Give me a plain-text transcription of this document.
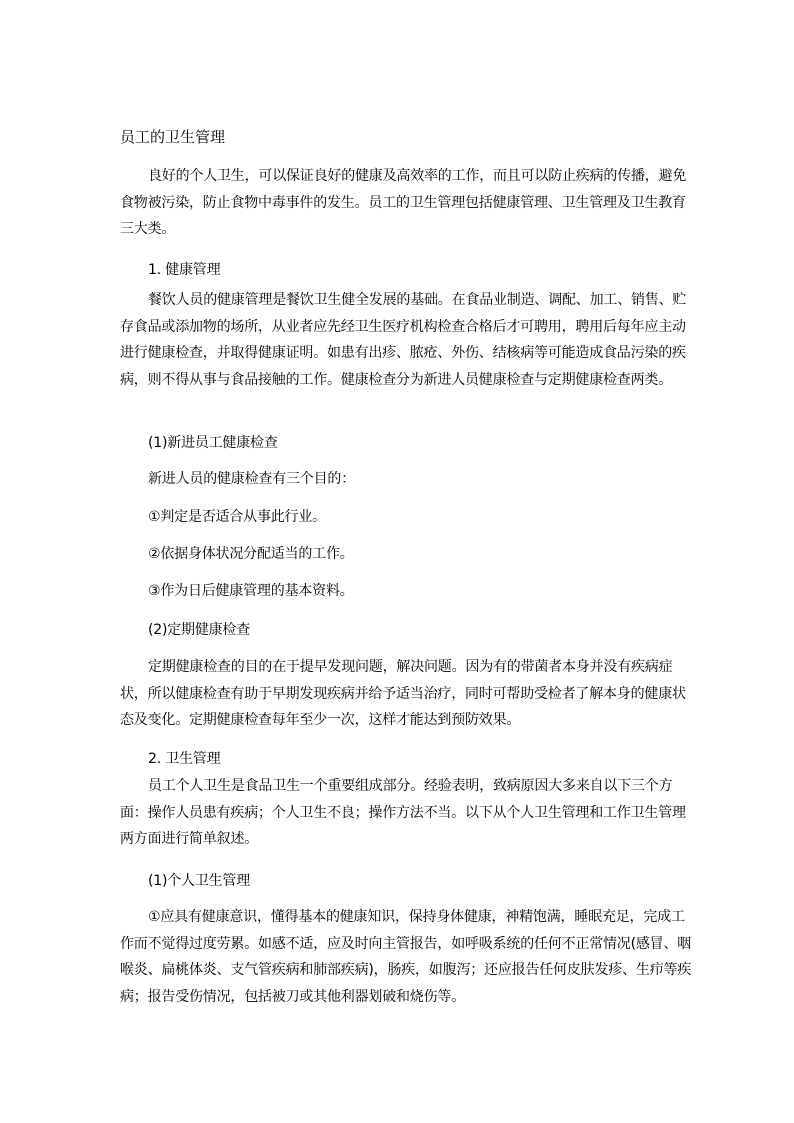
员工的卫生管理

良好的个人卫生，可以保证良好的健康及高效率的工作，而且可以防止疾病的传播，避免食物被污染，防止食物中毒事件的发生。员工的卫生管理包括健康管理、卫生管理及卫生教育三大类。

1. 健康管理

餐饮人员的健康管理是餐饮卫生健全发展的基础。在食品业制造、调配、加工、销售、贮存食品或添加物的场所，从业者应先经卫生医疗机构检查合格后才可聘用，聘用后每年应主动进行健康检查，并取得健康证明。如患有出疹、脓疮、外伤、结核病等可能造成食品污染的疾病，则不得从事与食品接触的工作。健康检查分为新进人员健康检查与定期健康检查两类。

(1)新进员工健康检查

新进人员的健康检查有三个目的：

①判定是否适合从事此行业。

②依据身体状况分配适当的工作。

③作为日后健康管理的基本资料。

(2)定期健康检查

定期健康检查的目的在于提早发现问题，解决问题。因为有的带菌者本身并没有疾病症状，所以健康检查有助于早期发现疾病并给予适当治疗，同时可帮助受检者了解本身的健康状态及变化。定期健康检查每年至少一次，这样才能达到预防效果。

2. 卫生管理

员工个人卫生是食品卫生一个重要组成部分。经验表明，致病原因大多来自以下三个方面：操作人员患有疾病；个人卫生不良；操作方法不当。以下从个人卫生管理和工作卫生管理两方面进行简单叙述。

(1)个人卫生管理

①应具有健康意识，懂得基本的健康知识，保持身体健康，神精饱满，睡眠充足，完成工作而不觉得过度劳累。如感不适，应及时向主管报告，如呼吸系统的任何不正常情况(感冒、咽喉炎、扁桃体炎、支气管疾病和肺部疾病)，肠疾，如腹泻；还应报告任何皮肤发疹、生疖等疾病；报告受伤情况，包括被刀或其他利器划破和烧伤等。
